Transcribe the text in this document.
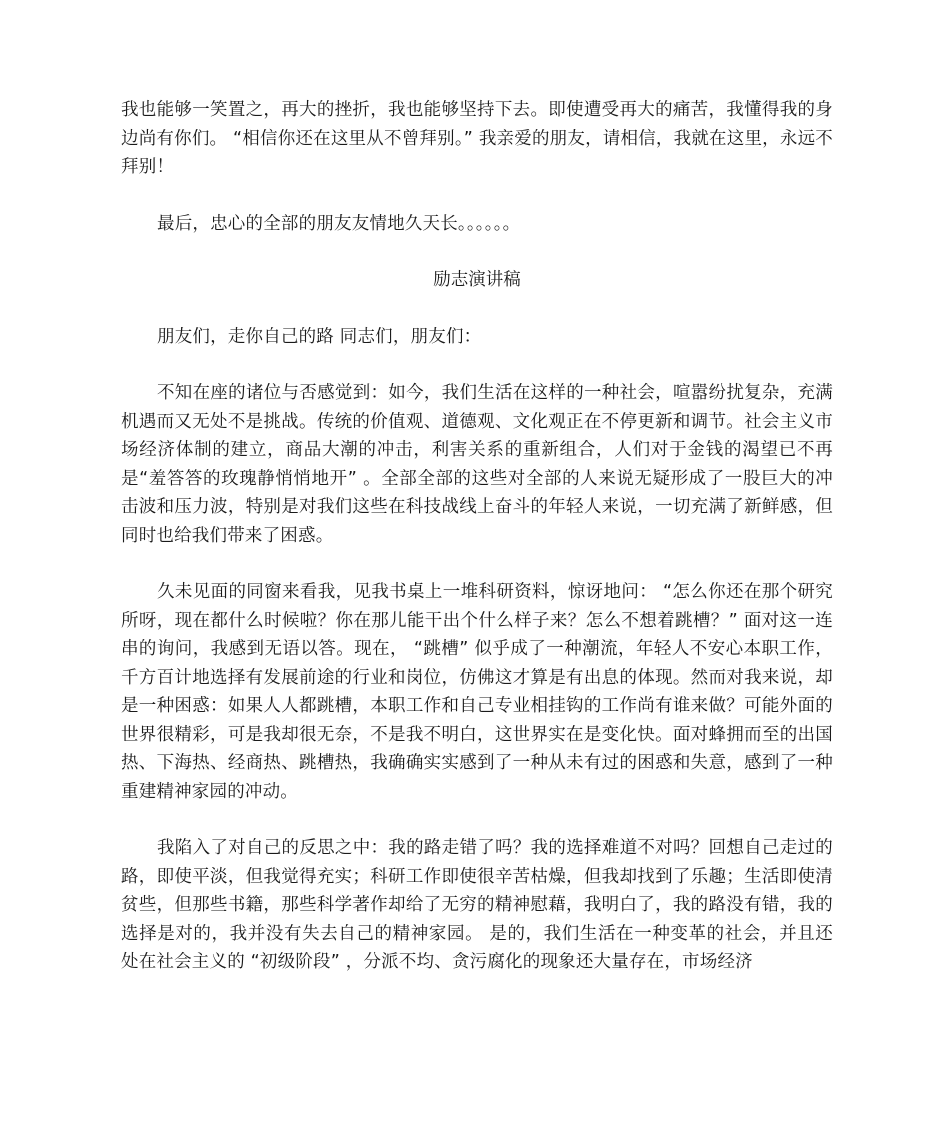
我也能够一笑置之，再大的挫折，我也能够坚持下去。即使遭受再大的痛苦，我懂得我的身边尚有你们。 “相信你还在这里从不曾拜别。” 我亲爱的朋友，请相信，我就在这里，永远不拜别！

最后，忠心的全部的朋友友情地久天长。。。。。。

励志演讲稿

朋友们，走你自己的路 同志们，朋友们：

不知在座的诸位与否感觉到：如今，我们生活在这样的一种社会，喧嚣纷扰复杂，充满机遇而又无处不是挑战。传统的价值观、道德观、文化观正在不停更新和调节。社会主义市场经济体制的建立，商品大潮的冲击，利害关系的重新组合，人们对于金钱的渴望已不再是“羞答答的玫瑰静悄悄地开” 。全部全部的这些对全部的人来说无疑形成了一股巨大的冲击波和压力波，特别是对我们这些在科技战线上奋斗的年轻人来说，一切充满了新鲜感，但同时也给我们带来了困惑。

久未见面的同窗来看我，见我书桌上一堆科研资料，惊讶地问： “怎么你还在那个研究所呀，现在都什么时候啦？你在那儿能干出个什么样子来？怎么不想着跳槽？” 面对这一连串的询问，我感到无语以答。现在， “跳槽” 似乎成了一种潮流，年轻人不安心本职工作，千方百计地选择有发展前途的行业和岗位，仿佛这才算是有出息的体现。然而对我来说，却是一种困惑：如果人人都跳槽，本职工作和自己专业相挂钩的工作尚有谁来做？可能外面的世界很精彩，可是我却很无奈，不是我不明白，这世界实在是变化快。面对蜂拥而至的出国热、下海热、经商热、跳槽热，我确确实实感到了一种从未有过的困惑和失意，感到了一种重建精神家园的冲动。

我陷入了对自己的反思之中：我的路走错了吗？我的选择难道不对吗？回想自己走过的路，即使平淡，但我觉得充实；科研工作即使很辛苦枯燥，但我却找到了乐趣；生活即使清贫些，但那些书籍，那些科学著作却给了无穷的精神慰藉，我明白了，我的路没有错，我的选择是对的，我并没有失去自己的精神家园。 是的，我们生活在一种变革的社会，并且还处在社会主义的 “初级阶段” ，分派不均、贪污腐化的现象还大量存在，市场经济
